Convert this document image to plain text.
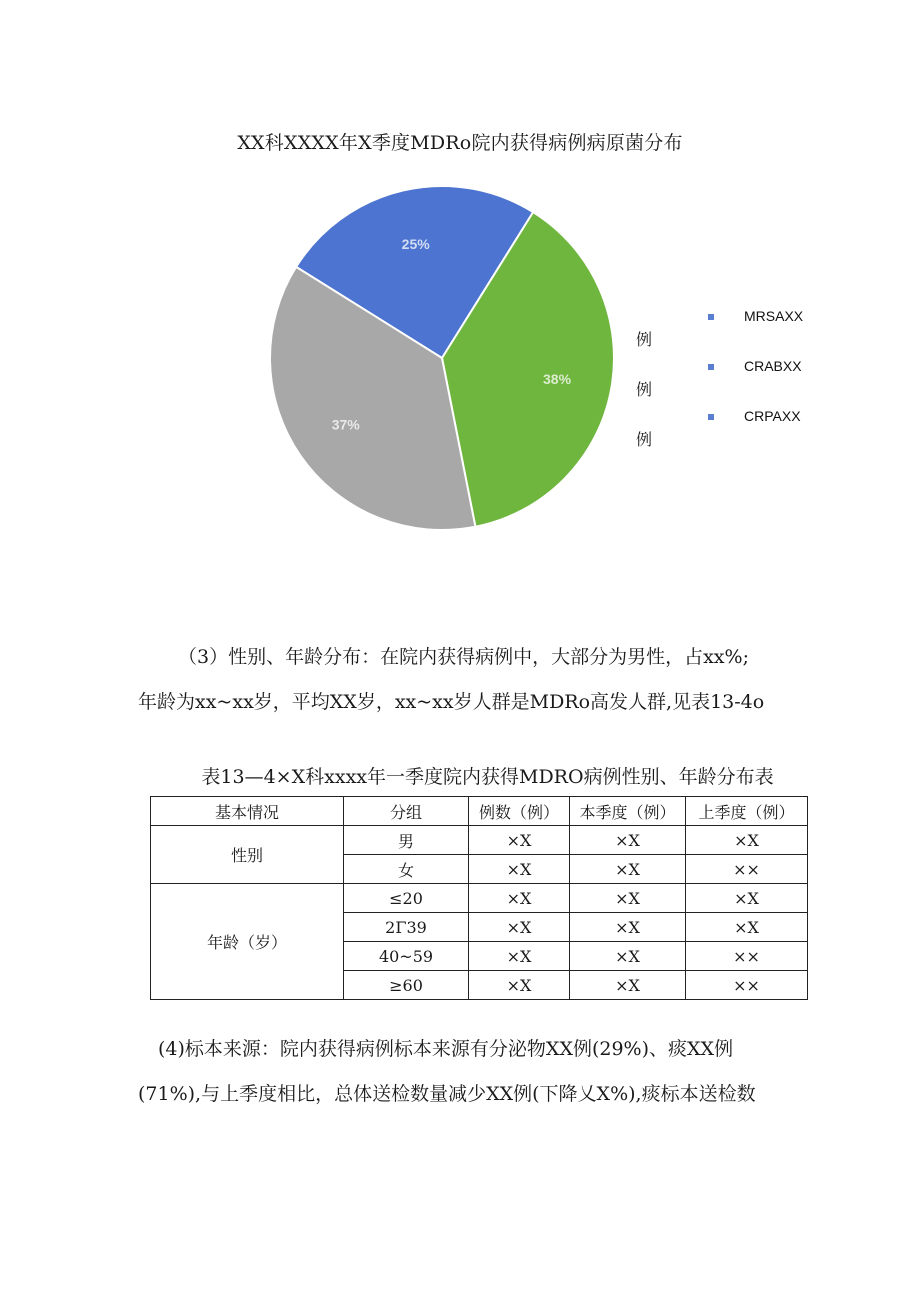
XX科XXXX年X季度MDRo院内获得病例病原菌分布
25%
38%
37%
MRSAXX
CRABXX
CRPAXX
例
例
例
（3）性别、年龄分布：在院内获得病例中，大部分为男性，占xx%;
年龄为xx~xx岁，平均XX岁，xx~xx岁人群是MDRo高发人群,见表13-4o
表13—4×X科xxxx年一季度院内获得MDRO病例性别、年龄分布表
基本情况	分组	例数（例）	本季度（例）	上季度（例）
性别	男	×X	×X	×X
	女	×X	×X	××
年龄（岁）	≤20	×X	×X	×X
	2Γ39	×X	×X	×X
	40~59	×X	×X	××
	≥60	×X	×X	××
(4)标本来源：院内获得病例标本来源有分泌物XX例(29%)、痰XX例
(71%),与上季度相比，总体送检数量减少XX例(下降乂X%),痰标本送检数
